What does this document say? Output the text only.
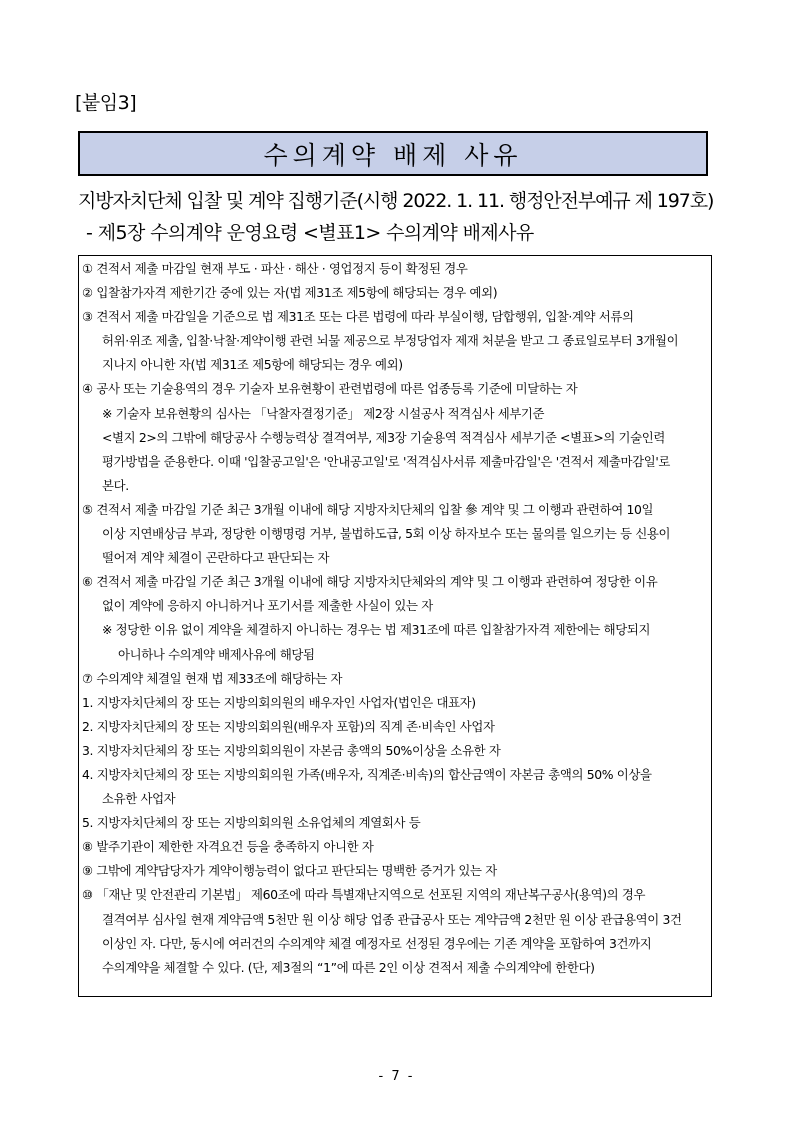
[붙임3]
수의계약 배제 사유
지방자치단체 입찰 및 계약 집행기준(시행 2022. 1. 11. 행정안전부예규 제 197호)
- 제5장 수의계약 운영요령 <별표1> 수의계약 배제사유
① 견적서 제출 마감일 현재 부도 · 파산 · 해산 · 영업정지 등이 확정된 경우
② 입찰참가자격 제한기간 중에 있는 자(법 제31조 제5항에 해당되는 경우 예외)
③ 견적서 제출 마감일을 기준으로 법 제31조 또는 다른 법령에 따라 부실이행, 담합행위, 입찰·계약 서류의
허위·위조 제출, 입찰·낙찰·계약이행 관련 뇌물 제공으로 부정당업자 제재 처분을 받고 그 종료일로부터 3개월이
지나지 아니한 자(법 제31조 제5항에 해당되는 경우 예외)
④ 공사 또는 기술용역의 경우 기술자 보유현황이 관련법령에 따른 업종등록 기준에 미달하는 자
※ 기술자 보유현황의 심사는 「낙찰자결정기준」 제2장 시설공사 적격심사 세부기준
<별지 2>의 그밖에 해당공사 수행능력상 결격여부, 제3장 기술용역 적격심사 세부기준 <별표>의 기술인력
평가방법을 준용한다. 이때 '입찰공고일'은 '안내공고일'로 '적격심사서류 제출마감일'은 '견적서 제출마감일'로
본다.
⑤ 견적서 제출 마감일 기준 최근 3개월 이내에 해당 지방자치단체의 입찰 參 계약 및 그 이행과 관련하여 10일
이상 지연배상금 부과, 정당한 이행명령 거부, 불법하도급, 5회 이상 하자보수 또는 물의를 일으키는 등 신용이
떨어져 계약 체결이 곤란하다고 판단되는 자
⑥ 견적서 제출 마감일 기준 최근 3개월 이내에 해당 지방자치단체와의 계약 및 그 이행과 관련하여 정당한 이유
없이 계약에 응하지 아니하거나 포기서를 제출한 사실이 있는 자
※ 정당한 이유 없이 계약을 체결하지 아니하는 경우는 법 제31조에 따른 입찰참가자격 제한에는 해당되지
아니하나 수의계약 배제사유에 해당됨
⑦ 수의계약 체결일 현재 법 제33조에 해당하는 자
1. 지방자치단체의 장 또는 지방의회의원의 배우자인 사업자(법인은 대표자)
2. 지방자치단체의 장 또는 지방의회의원(배우자 포함)의 직계 존·비속인 사업자
3. 지방자치단체의 장 또는 지방의회의원이 자본금 총액의 50%이상을 소유한 자
4. 지방자치단체의 장 또는 지방의회의원 가족(배우자, 직계존·비속)의 합산금액이 자본금 총액의 50% 이상을
소유한 사업자
5. 지방자치단체의 장 또는 지방의회의원 소유업체의 계열회사 등
⑧ 발주기관이 제한한 자격요건 등을 충족하지 아니한 자
⑨ 그밖에 계약담당자가 계약이행능력이 없다고 판단되는 명백한 증거가 있는 자
⑩ 「재난 및 안전관리 기본법」 제60조에 따라 특별재난지역으로 선포된 지역의 재난복구공사(용역)의 경우
결격여부 심사일 현재 계약금액 5천만 원 이상 해당 업종 관급공사 또는 계약금액 2천만 원 이상 관급용역이 3건
이상인 자. 다만, 동시에 여러건의 수의계약 체결 예정자로 선정된 경우에는 기존 계약을 포함하여 3건까지
수의계약을 체결할 수 있다. (단, 제3절의 “1”에 따른 2인 이상 견적서 제출 수의계약에 한한다)
- 7 -
